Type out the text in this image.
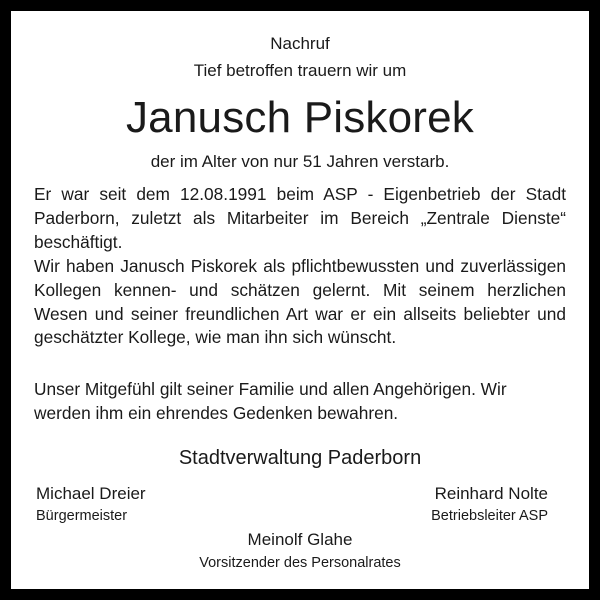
Nachruf
Tief betroffen trauern wir um
Janusch Piskorek
der im Alter von nur 51 Jahren verstarb.
Er war seit dem 12.08.1991 beim ASP - Eigenbetrieb der Stadt Paderborn, zuletzt als Mitarbeiter im Bereich „Zentrale Dienste“ beschäftigt.
Wir haben Janusch Piskorek als pflichtbewussten und zuverlässigen Kollegen kennen- und schätzen gelernt. Mit seinem herzlichen Wesen und seiner freundlichen Art war er ein allseits beliebter und geschätzter Kollege, wie man ihn sich wünscht.
Unser Mitgefühl gilt seiner Familie und allen Angehörigen. Wir werden ihm ein ehrendes Gedenken bewahren.
Stadtverwaltung Paderborn
Michael Dreier
Bürgermeister
Reinhard Nolte
Betriebsleiter ASP
Meinolf Glahe
Vorsitzender des Personalrates
